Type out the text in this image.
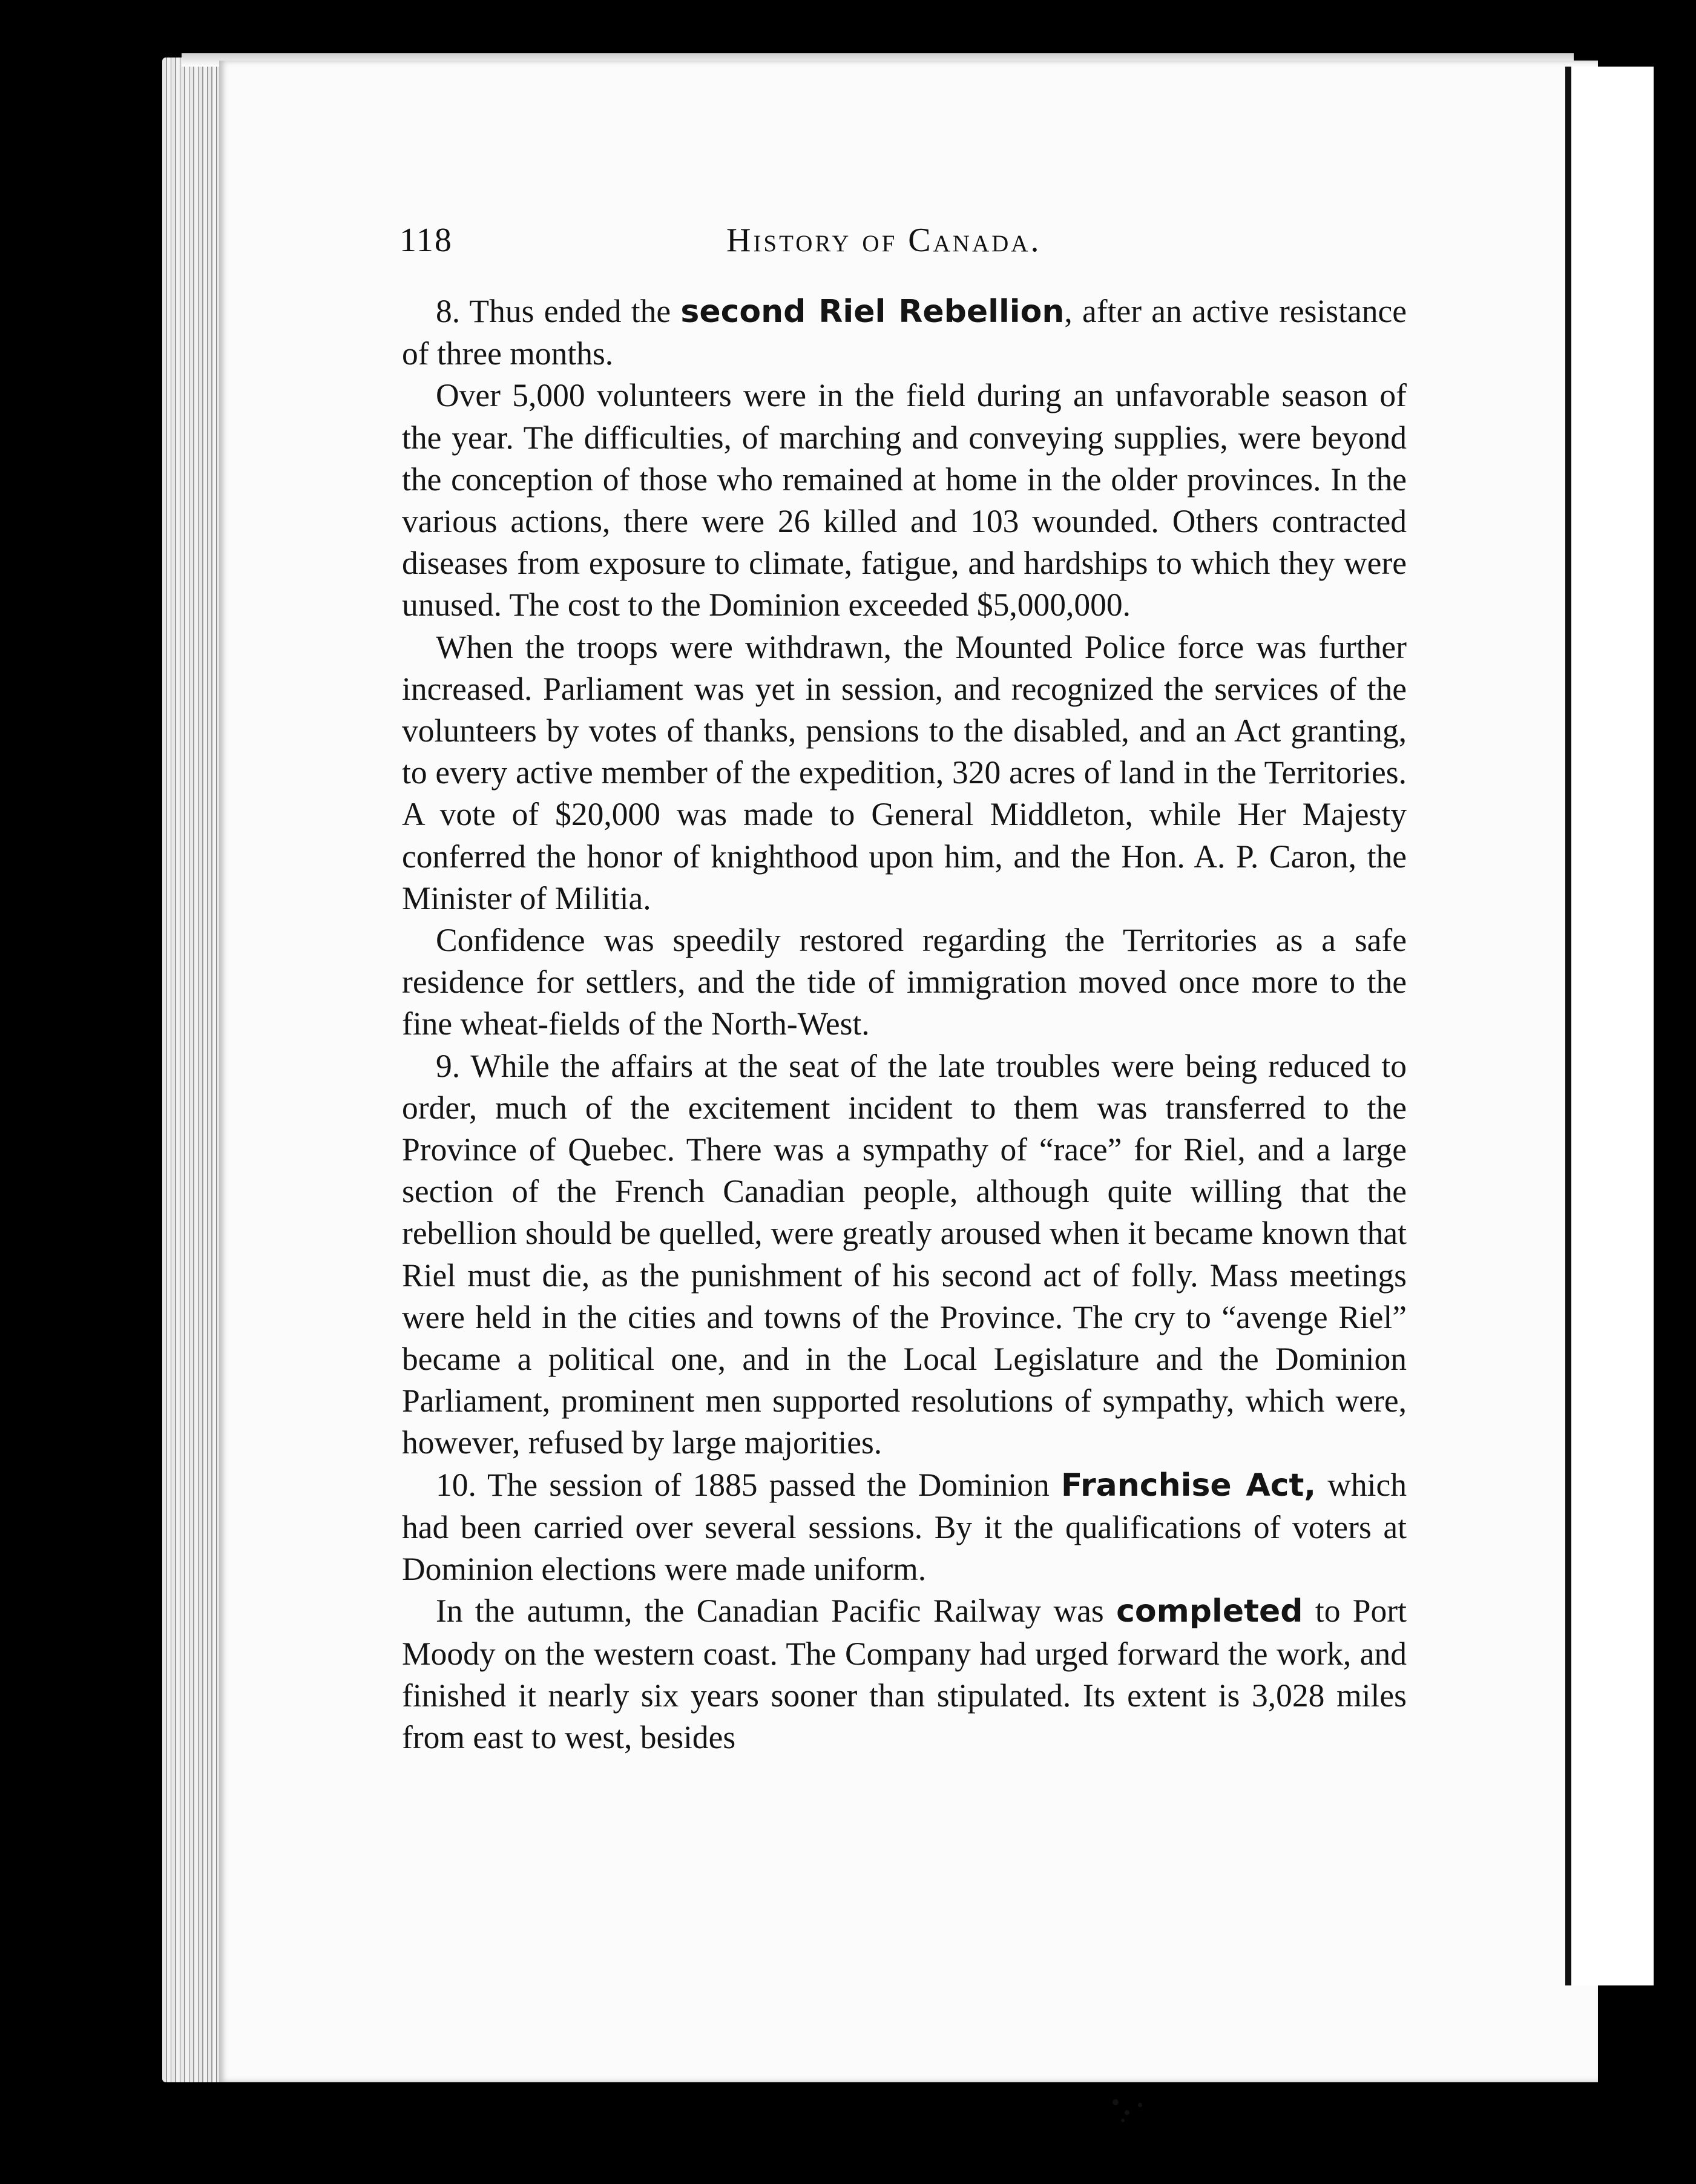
118	History of Canada.

8. Thus ended the second Riel Rebellion, after an active resistance of three months.

Over 5,000 volunteers were in the field during an unfavorable season of the year. The difficulties, of marching and conveying supplies, were beyond the conception of those who remained at home in the older provinces. In the various actions, there were 26 killed and 103 wounded. Others contracted diseases from exposure to climate, fatigue, and hardships to which they were unused. The cost to the Dominion exceeded $5,000,000.

When the troops were withdrawn, the Mounted Police force was further increased. Parliament was yet in session, and recognized the services of the volunteers by votes of thanks, pensions to the disabled, and an Act granting, to every active member of the expedition, 320 acres of land in the Territories. A vote of $20,000 was made to General Middleton, while Her Majesty conferred the honor of knighthood upon him, and the Hon. A. P. Caron, the Minister of Militia.

Confidence was speedily restored regarding the Territories as a safe residence for settlers, and the tide of immigration moved once more to the fine wheat-fields of the North-West.

9. While the affairs at the seat of the late troubles were being reduced to order, much of the excitement incident to them was transferred to the Province of Quebec. There was a sympathy of “race” for Riel, and a large section of the French Canadian people, although quite willing that the rebellion should be quelled, were greatly aroused when it became known that Riel must die, as the punishment of his second act of folly. Mass meetings were held in the cities and towns of the Province. The cry to “avenge Riel” became a political one, and in the Local Legislature and the Dominion Parliament, prominent men supported resolutions of sympathy, which were, however, refused by large majorities.

10. The session of 1885 passed the Dominion Franchise Act, which had been carried over several sessions. By it the qualifications of voters at Dominion elections were made uniform.

In the autumn, the Canadian Pacific Railway was completed to Port Moody on the western coast. The Company had urged forward the work, and finished it nearly six years sooner than stipulated. Its extent is 3,028 miles from east to west, besides
